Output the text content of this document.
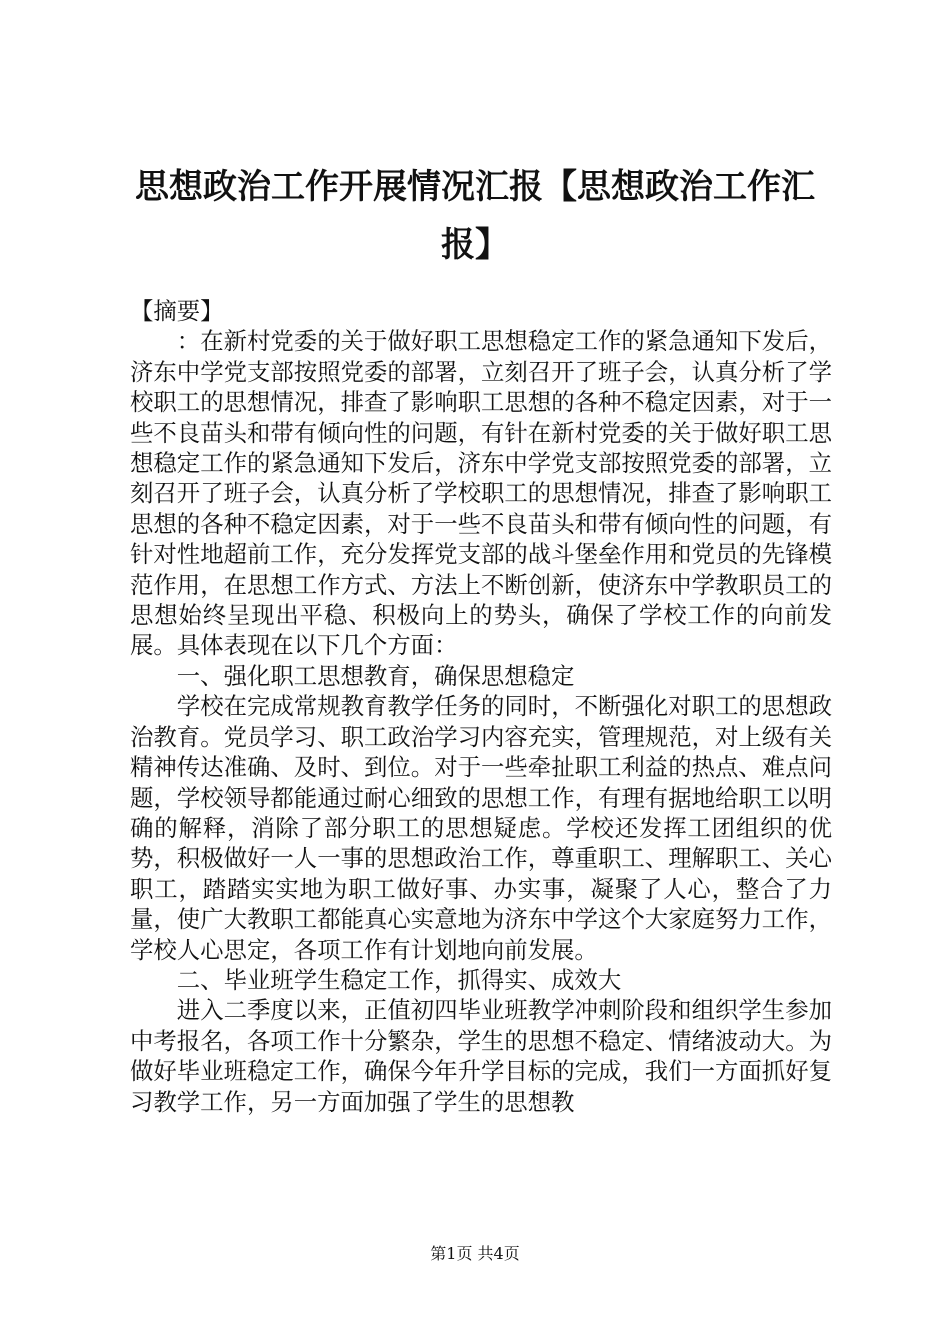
思想政治工作开展情况汇报【思想政治工作汇报】

【摘要】

：在新村党委的关于做好职工思想稳定工作的紧急通知下发后，济东中学党支部按照党委的部署，立刻召开了班子会，认真分析了学校职工的思想情况，排查了影响职工思想的各种不稳定因素，对于一些不良苗头和带有倾向性的问题，有针在新村党委的关于做好职工思想稳定工作的紧急通知下发后，济东中学党支部按照党委的部署，立刻召开了班子会，认真分析了学校职工的思想情况，排查了影响职工思想的各种不稳定因素，对于一些不良苗头和带有倾向性的问题，有针对性地超前工作，充分发挥党支部的战斗堡垒作用和党员的先锋模范作用，在思想工作方式、方法上不断创新，使济东中学教职员工的思想始终呈现出平稳、积极向上的势头，确保了学校工作的向前发展。具体表现在以下几个方面：

一、强化职工思想教育，确保思想稳定

学校在完成常规教育教学任务的同时，不断强化对职工的思想政治教育。党员学习、职工政治学习内容充实，管理规范，对上级有关精神传达准确、及时、到位。对于一些牵扯职工利益的热点、难点问题，学校领导都能通过耐心细致的思想工作，有理有据地给职工以明确的解释，消除了部分职工的思想疑虑。学校还发挥工团组织的优势，积极做好一人一事的思想政治工作，尊重职工、理解职工、关心职工，踏踏实实地为职工做好事、办实事，凝聚了人心，整合了力量，使广大教职工都能真心实意地为济东中学这个大家庭努力工作，学校人心思定，各项工作有计划地向前发展。

二、毕业班学生稳定工作，抓得实、成效大

进入二季度以来，正值初四毕业班教学冲刺阶段和组织学生参加中考报名，各项工作十分繁杂，学生的思想不稳定、情绪波动大。为做好毕业班稳定工作，确保今年升学目标的完成，我们一方面抓好复习教学工作，另一方面加强了学生的思想教

第1页 共4页
